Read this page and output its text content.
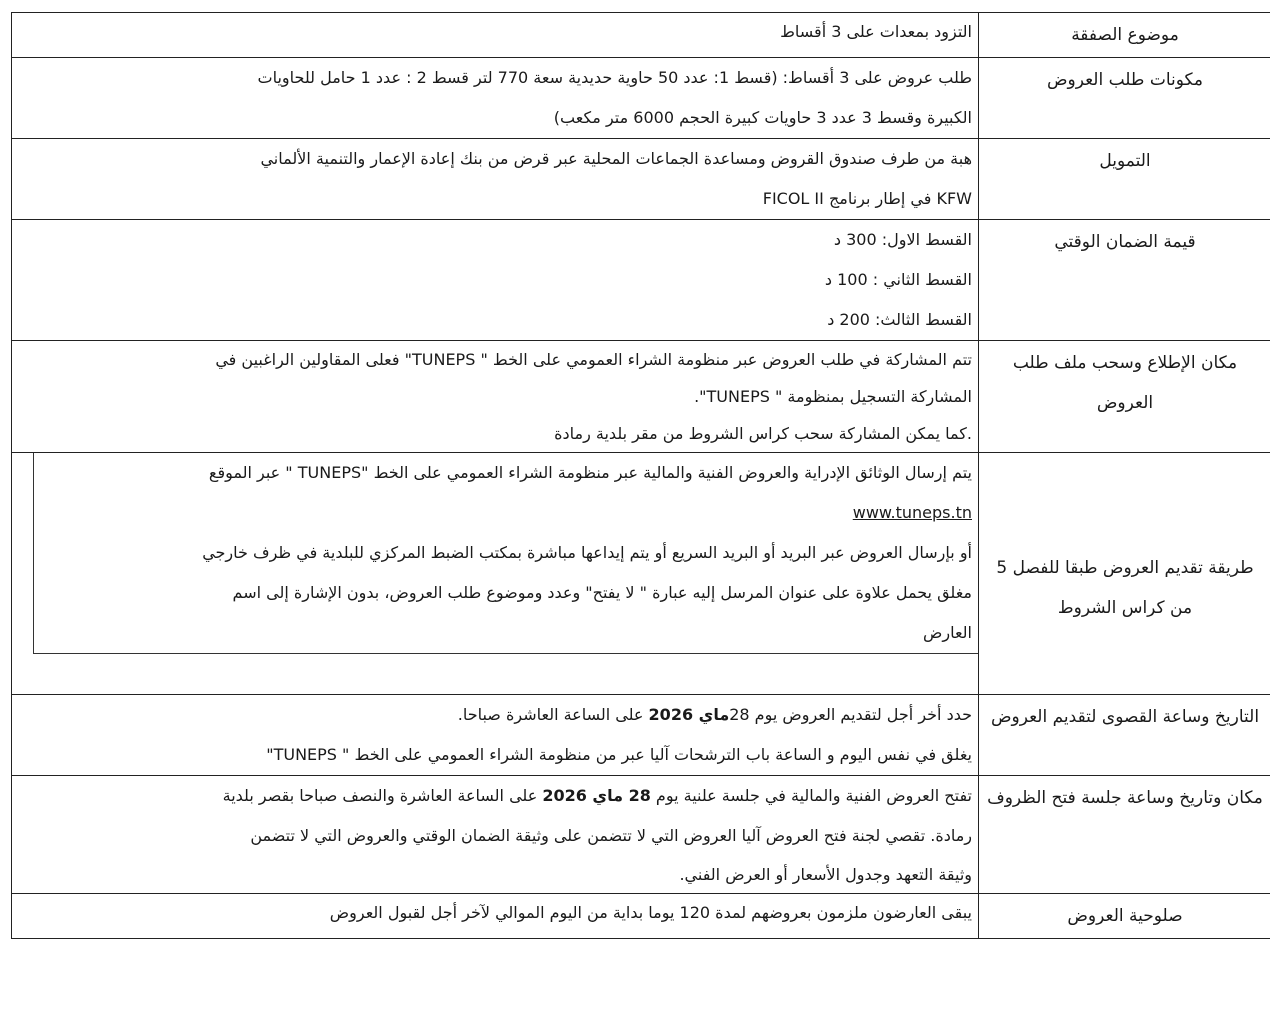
موضوع الصفقة	التزود بمعدات على 3 أقساط

مكونات طلب العروض	طلب عروض على 3 أقساط: (قسط 1: عدد 50 حاوية حديدية سعة 770 لتر قسط 2 : عدد 1 حامل للحاويات
الكبيرة وقسط 3 عدد 3 حاويات كبيرة الحجم 6000 متر مكعب)

التمويل	هبة من طرف صندوق القروض ومساعدة الجماعات المحلية عبر قرض من بنك إعادة الإعمار والتنمية الألماني
KFW في إطار برنامج FICOL II

قيمة الضمان الوقتي	القسط الاول: 300 د
القسط الثاني : 100 د
القسط الثالث: 200 د

مكان الإطلاع وسحب ملف طلب العروض	تتم المشاركة في طلب العروض عبر منظومة الشراء العمومي على الخط " TUNEPS" فعلى المقاولين الراغبين في
المشاركة التسجيل بمنظومة " TUNEPS".
.كما يمكن المشاركة سحب كراس الشروط من مقر بلدية رمادة

طريقة تقديم العروض طبقا للفصل 5 من كراس الشروط	يتم إرسال الوثائق الإدراية والعروض الفنية والمالية عبر منظومة الشراء العمومي على الخط "TUNEPS " عبر الموقع
www.tuneps.tn
أو بإرسال العروض عبر البريد أو البريد السريع أو يتم إيداعها مباشرة بمكتب الضبط المركزي للبلدية في ظرف خارجي
مغلق يحمل علاوة على عنوان المرسل إليه عبارة " لا يفتح" وعدد وموضوع طلب العروض، بدون الإشارة إلى اسم
العارض

التاريخ وساعة القصوى لتقديم العروض	حدد أخر أجل لتقديم العروض يوم 28ماي 2026 على الساعة العاشرة صباحا.
يغلق في نفس اليوم و الساعة باب الترشحات آليا عبر من منظومة الشراء العمومي على الخط " TUNEPS"

مكان وتاريخ وساعة جلسة فتح الظروف	تفتح العروض الفنية والمالية في جلسة علنية يوم 28 ماي 2026 على الساعة العاشرة والنصف صباحا بقصر بلدية
رمادة. تقصي لجنة فتح العروض آليا العروض التي لا تتضمن على وثيقة الضمان الوقتي والعروض التي لا تتضمن
وثيقة التعهد وجدول الأسعار أو العرض الفني.

صلوحية العروض	يبقى العارضون ملزمون بعروضهم لمدة 120 يوما بداية من اليوم الموالي لآخر أجل لقبول العروض
